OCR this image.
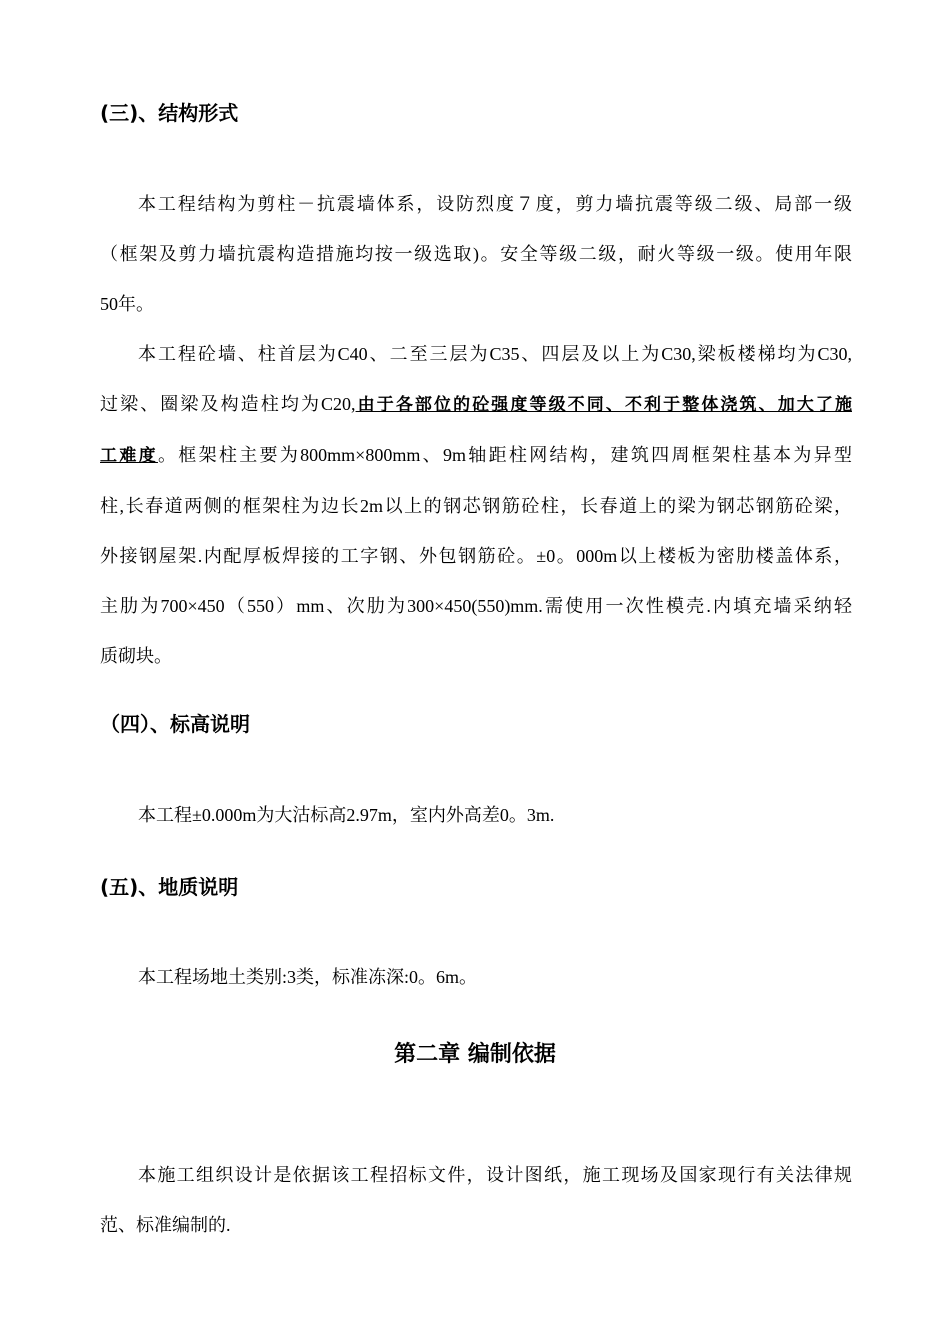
(三)、结构形式
本工程结构为剪柱－抗震墙体系，设防烈度７度，剪力墙抗震等级二级、局部一级
（框架及剪力墙抗震构造措施均按一级选取)。安全等级二级，耐火等级一级。使用年限
50年。
本工程砼墙、柱首层为C40、二至三层为C35、四层及以上为C30,梁板楼梯均为C30,
过梁、圈梁及构造柱均为C20,由于各部位的砼强度等级不同、不利于整体浇筑、加大了施
工难度。框架柱主要为800mm×800mm、9m轴距柱网结构，建筑四周框架柱基本为异型
柱,长春道两侧的框架柱为边长2m以上的钢芯钢筋砼柱，长春道上的梁为钢芯钢筋砼梁，
外接钢屋架.内配厚板焊接的工字钢、外包钢筋砼。±0。000m以上楼板为密肋楼盖体系，
主肋为700×450（550）mm、次肋为300×450(550)mm.需使用一次性模壳.内填充墙采纳轻
质砌块。
（四）、标高说明
本工程±0.000m为大沽标高2.97m，室内外高差0。3m.
(五)、地质说明
本工程场地土类别:3类，标准冻深:0。6m。
第二章 编制依据
本施工组织设计是依据该工程招标文件，设计图纸，施工现场及国家现行有关法律规
范、标准编制的.
